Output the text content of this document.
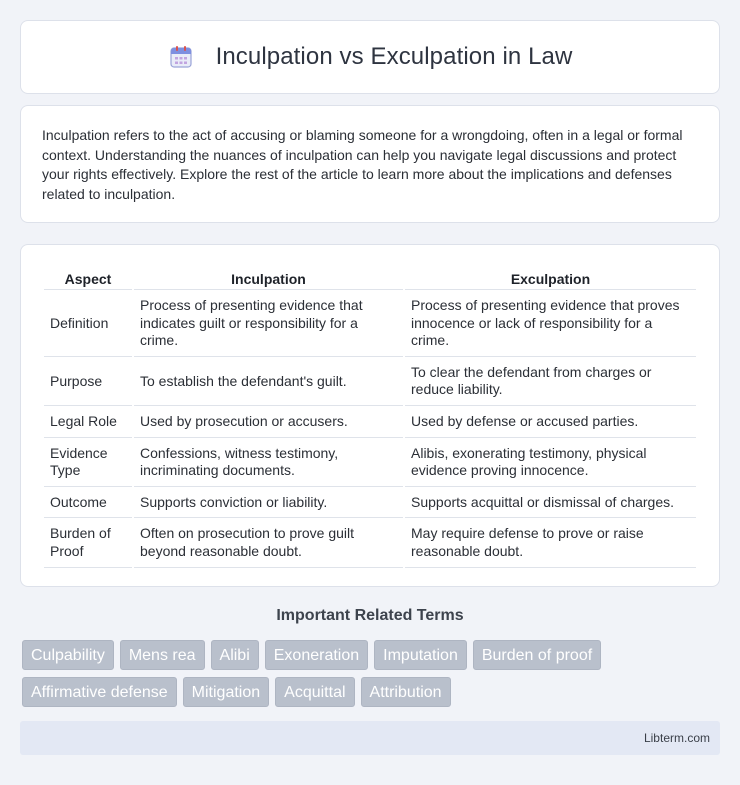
Inculpation vs Exculpation in Law

Inculpation refers to the act of accusing or blaming someone for a wrongdoing, often in a legal or formal context. Understanding the nuances of inculpation can help you navigate legal discussions and protect your rights effectively. Explore the rest of the article to learn more about the implications and defenses related to inculpation.

Aspect	Inculpation	Exculpation
Definition	Process of presenting evidence that indicates guilt or responsibility for a crime.	Process of presenting evidence that proves innocence or lack of responsibility for a crime.
Purpose	To establish the defendant's guilt.	To clear the defendant from charges or reduce liability.
Legal Role	Used by prosecution or accusers.	Used by defense or accused parties.
Evidence Type	Confessions, witness testimony, incriminating documents.	Alibis, exonerating testimony, physical evidence proving innocence.
Outcome	Supports conviction or liability.	Supports acquittal or dismissal of charges.
Burden of Proof	Often on prosecution to prove guilt beyond reasonable doubt.	May require defense to prove or raise reasonable doubt.
Important Related Terms
Culpability	Mens rea	Alibi	Exoneration	Imputation	Burden of proof
Affirmative defense	Mitigation	Acquittal	Attribution
Libterm.com
